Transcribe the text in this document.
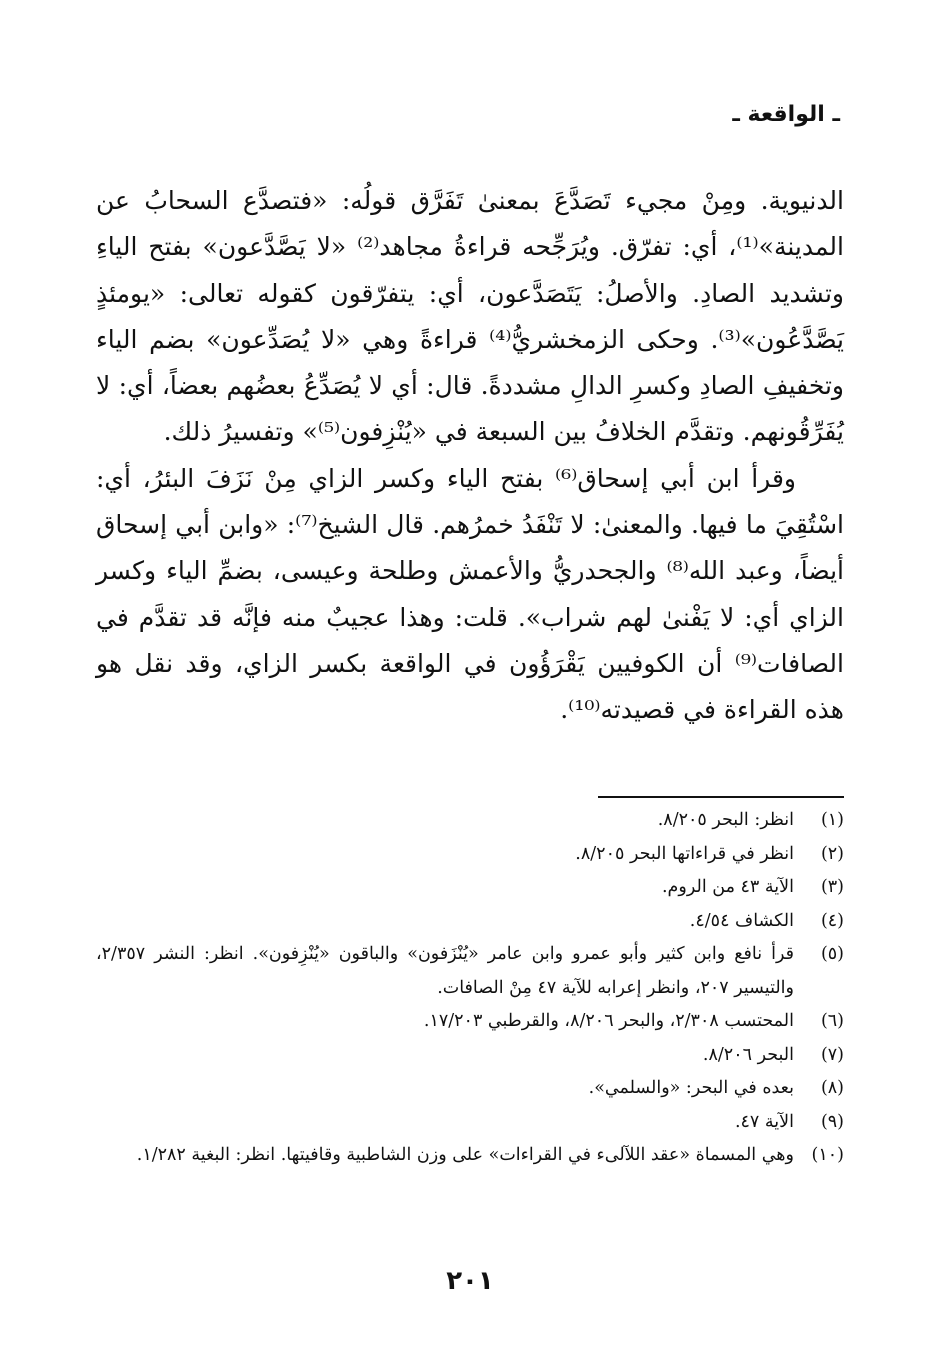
ـ الواقعة ـ

الدنيوية. ومِنْ مجيء تَصَدَّعَ بمعنىٰ تَفَرَّق قولُه: «فتصدَّع السحابُ عن المدينة»⁽¹⁾، أي: تفرّق. ويُرَجِّحه قراءةُ مجاهد⁽²⁾ «لا يَصَّدَّعون» بفتح الياءِ وتشديد الصادِ. والأصلُ: يَتَصَدَّعون، أي: يتفرّقون كقوله تعالى: «يومئذٍ يَصَّدَّعُون»⁽³⁾. وحكى الزمخشريُّ⁽⁴⁾ قراءةً وهي «لا يُصَدِّعون» بضم الياء وتخفيفِ الصادِ وكسرِ الدالِ مشددةً. قال: أي لا يُصَدِّعُ بعضُهم بعضاً، أي: لا يُفَرِّقُونهم. وتقدَّم الخلافُ بين السبعة في «يُنْزِفون⁽⁵⁾» وتفسيرُ ذلك.

وقرأ ابن أبي إسحاق⁽⁶⁾ بفتح الياء وكسر الزاي مِنْ نَزَفَ البئرُ، أي: اسْتُقِيَ ما فيها. والمعنىٰ: لا تَنْفَدُ خمرُهم. قال الشيخ⁽⁷⁾: «وابن أبي إسحاق أيضاً، وعبد الله⁽⁸⁾ والجحدريُّ والأعمش وطلحة وعيسى، بضمِّ الياء وكسر الزاي أي: لا يَفْنىٰ لهم شراب». قلت: وهذا عجيبٌ منه فإنَّه قد تقدَّم في الصافات⁽⁹⁾ أن الكوفيين يَقْرَؤُون في الواقعة بكسر الزاي، وقد نقل هو هذه القراءة في قصيدته⁽¹⁰⁾.

(١)
انظر: البحر ٨/٢٠٥.
(٢)
انظر في قراءاتها البحر ٨/٢٠٥.
(٣)
الآية ٤٣ من الروم.
(٤)
الكشاف ٤/٥٤.
(٥)
قرأ نافع وابن كثير وأبو عمرو وابن عامر «يُنْزَفون» والباقون «يُنْزِفون». انظر: النشر ٢/٣٥٧، والتيسير ٢٠٧، وانظر إعرابه للآية ٤٧ مِنْ الصافات.
(٦)
المحتسب ٢/٣٠٨، والبحر ٨/٢٠٦، والقرطبي ١٧/٢٠٣.
(٧)
البحر ٨/٢٠٦.
(٨)
بعده في البحر: «والسلمي».
(٩)
الآية ٤٧.
(١٠)
وهي المسماة «عقد اللآلىء في القراءات» على وزن الشاطبية وقافيتها. انظر: البغية ١/٢٨٢.
٢٠١
